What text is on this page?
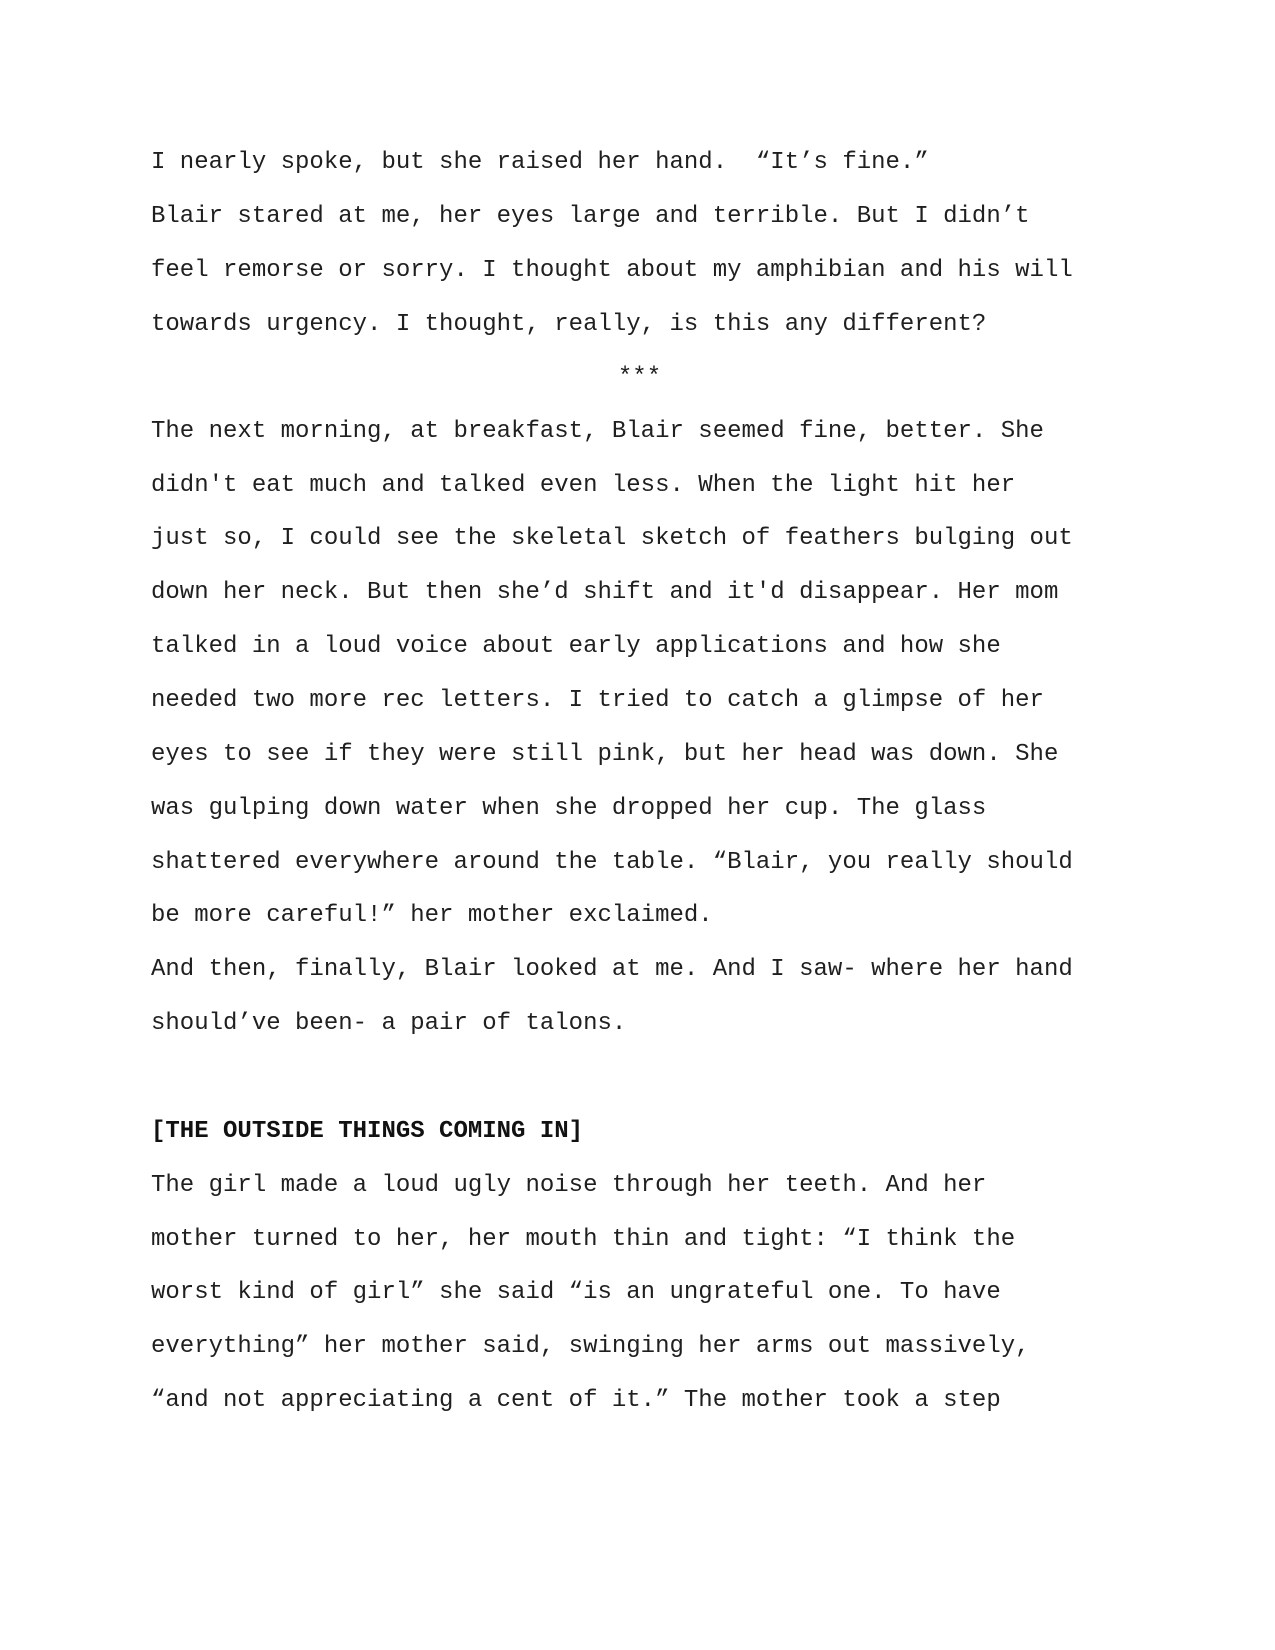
I nearly spoke, but she raised her hand.  “It’s fine.”
Blair stared at me, her eyes large and terrible. But I didn’t
feel remorse or sorry. I thought about my amphibian and his will
towards urgency. I thought, really, is this any different?
***
The next morning, at breakfast, Blair seemed fine, better. She
didn't eat much and talked even less. When the light hit her
just so, I could see the skeletal sketch of feathers bulging out
down her neck. But then she’d shift and it'd disappear. Her mom
talked in a loud voice about early applications and how she
needed two more rec letters. I tried to catch a glimpse of her
eyes to see if they were still pink, but her head was down. She
was gulping down water when she dropped her cup. The glass
shattered everywhere around the table. “Blair, you really should
be more careful!” her mother exclaimed.
And then, finally, Blair looked at me. And I saw- where her hand
should’ve been- a pair of talons.
[THE OUTSIDE THINGS COMING IN]
The girl made a loud ugly noise through her teeth. And her
mother turned to her, her mouth thin and tight: “I think the
worst kind of girl” she said “is an ungrateful one. To have
everything” her mother said, swinging her arms out massively,
“and not appreciating a cent of it.” The mother took a step
